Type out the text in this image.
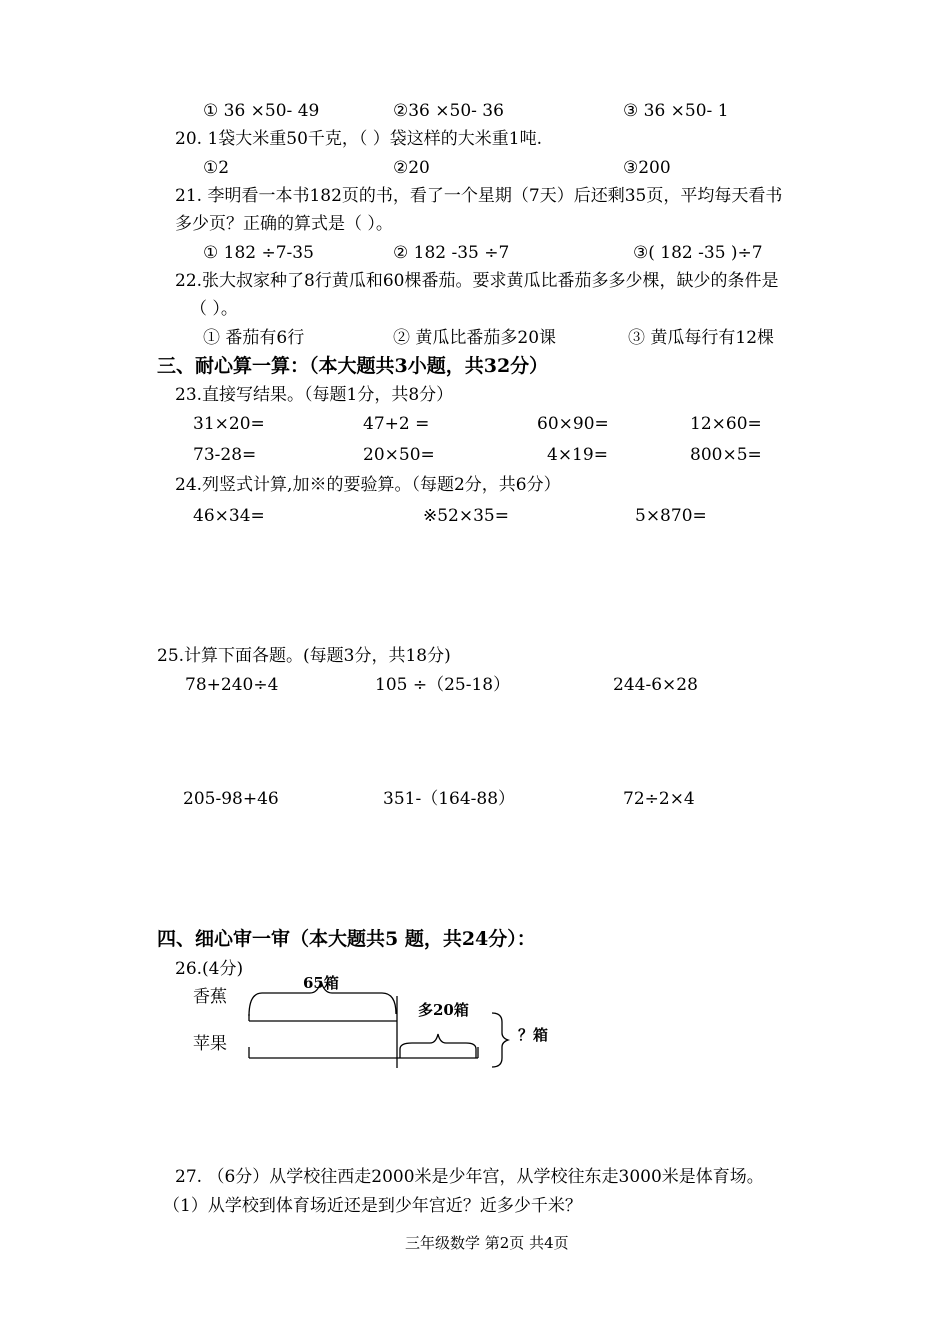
① 36 ×50- 49	②36 ×50- 36	③ 36 ×50- 1
20. 1袋大米重50千克，（ ）袋这样的大米重1吨.
①2	②20	③200
21. 李明看一本书182页的书，看了一个星期（7天）后还剩35页，平均每天看书
多少页？正确的算式是（ ）。
① 182 ÷7-35	② 182 -35 ÷7	③( 182 -35 )÷7
22.张大叔家种了8行黄瓜和60棵番茄。要求黄瓜比番茄多多少棵，缺少的条件是
（ ）。
① 番茄有6行	② 黄瓜比番茄多20课	③ 黄瓜每行有12棵
三、耐心算一算：（本大题共3小题，共32分）
23.直接写结果。（每题1分，共8分）
31×20=	47+2 =	60×90=	12×60=
73-28=	20×50=	4×19=	800×5=
24.列竖式计算,加※的要验算。（每题2分，共6分）
46×34=	※52×35=	5×870=
25.计算下面各题。(每题3分，共18分)
78+240÷4	105 ÷（25-18）	244-6×28
205-98+46	351-（164-88）	72÷2×4
四、细心审一审（本大题共5 题，共24分）：
26.(4分)
香蕉
苹果
65箱
多20箱
？箱
27. （6分）从学校往西走2000米是少年宫，从学校往东走3000米是体育场。
（1）从学校到体育场近还是到少年宫近？近多少千米？
三年级数学 第2页 共4页
